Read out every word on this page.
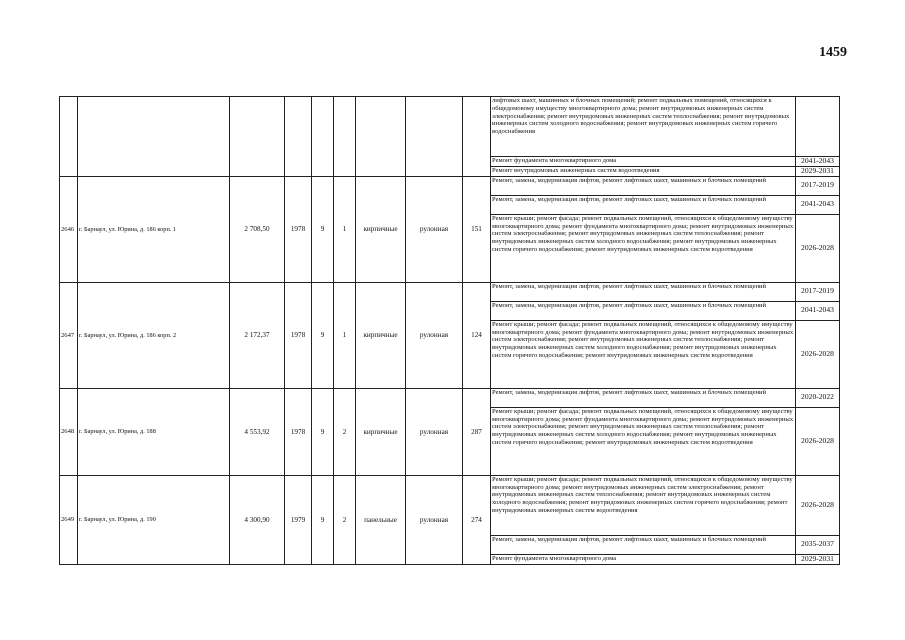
1459
									лифтовых шахт, машинных и блочных помещений; ремонт подвальных помещений, относящихся к общедомовому имуществу многоквартирного дома; ремонт внутридомовых инженерных систем электроснабжения; ремонт внутридомовых инженерных систем теплоснабжения; ремонт внутридомовых инженерных систем холодного водоснабжения; ремонт внутридомовых инженерных систем горячего водоснабжения	
									Ремонт фундамента многоквартирного дома	2041-2043
									Ремонт внутридомовых инженерных систем водоотведения	2029-2031
2646	г. Барнаул, ул. Юрина, д. 186 корп. 1	2 708,50	1978	9	1	кирпичные	рулонная	151	Ремонт, замена, модернизация лифтов, ремонт лифтовых шахт, машинных и блочных помещений	2017-2019
									Ремонт, замена, модернизация лифтов, ремонт лифтовых шахт, машинных и блочных помещений	2041-2043
									Ремонт крыши; ремонт фасада; ремонт подвальных помещений, относящихся к общедомовому имуществу многоквартирного дома; ремонт фундамента многоквартирного дома; ремонт внутридомовых инженерных систем электроснабжения; ремонт внутридомовых инженерных систем теплоснабжения; ремонт внутридомовых инженерных систем холодного водоснабжения; ремонт внутридомовых инженерных систем горячего водоснабжения; ремонт внутридомовых инженерных систем водоотведения	2026-2028
2647	г. Барнаул, ул. Юрина, д. 186 корп. 2	2 172,37	1978	9	1	кирпичные	рулонная	124	Ремонт, замена, модернизация лифтов, ремонт лифтовых шахт, машинных и блочных помещений	2017-2019
									Ремонт, замена, модернизация лифтов, ремонт лифтовых шахт, машинных и блочных помещений	2041-2043
									Ремонт крыши; ремонт фасада; ремонт подвальных помещений, относящихся к общедомовому имуществу многоквартирного дома; ремонт фундамента многоквартирного дома; ремонт внутридомовых инженерных систем электроснабжения; ремонт внутридомовых инженерных систем теплоснабжения; ремонт внутридомовых инженерных систем холодного водоснабжения; ремонт внутридомовых инженерных систем горячего водоснабжения; ремонт внутридомовых инженерных систем водоотведения	2026-2028
2648	г. Барнаул, ул. Юрина, д. 188	4 553,92	1978	9	2	кирпичные	рулонная	287	Ремонт, замена, модернизация лифтов, ремонт лифтовых шахт, машинных и блочных помещений	2020-2022
									Ремонт крыши; ремонт фасада; ремонт подвальных помещений, относящихся к общедомовому имуществу многоквартирного дома; ремонт фундамента многоквартирного дома; ремонт внутридомовых инженерных систем электроснабжения; ремонт внутридомовых инженерных систем теплоснабжения; ремонт внутридомовых инженерных систем холодного водоснабжения; ремонт внутридомовых инженерных систем горячего водоснабжения; ремонт внутридомовых инженерных систем водоотведения	2026-2028
2649	г. Барнаул, ул. Юрина, д. 190	4 300,90	1979	9	2	панельные	рулонная	274	Ремонт крыши; ремонт фасада; ремонт подвальных помещений, относящихся к общедомовому имуществу многоквартирного дома; ремонт внутридомовых инженерных систем электроснабжения; ремонт внутридомовых инженерных систем теплоснабжения; ремонт внутридомовых инженерных систем холодного водоснабжения; ремонт внутридомовых инженерных систем горячего водоснабжения; ремонт внутридомовых инженерных систем водоотведения	2026-2028
									Ремонт, замена, модернизация лифтов, ремонт лифтовых шахт, машинных и блочных помещений	2035-2037
									Ремонт фундамента многоквартирного дома	2029-2031
